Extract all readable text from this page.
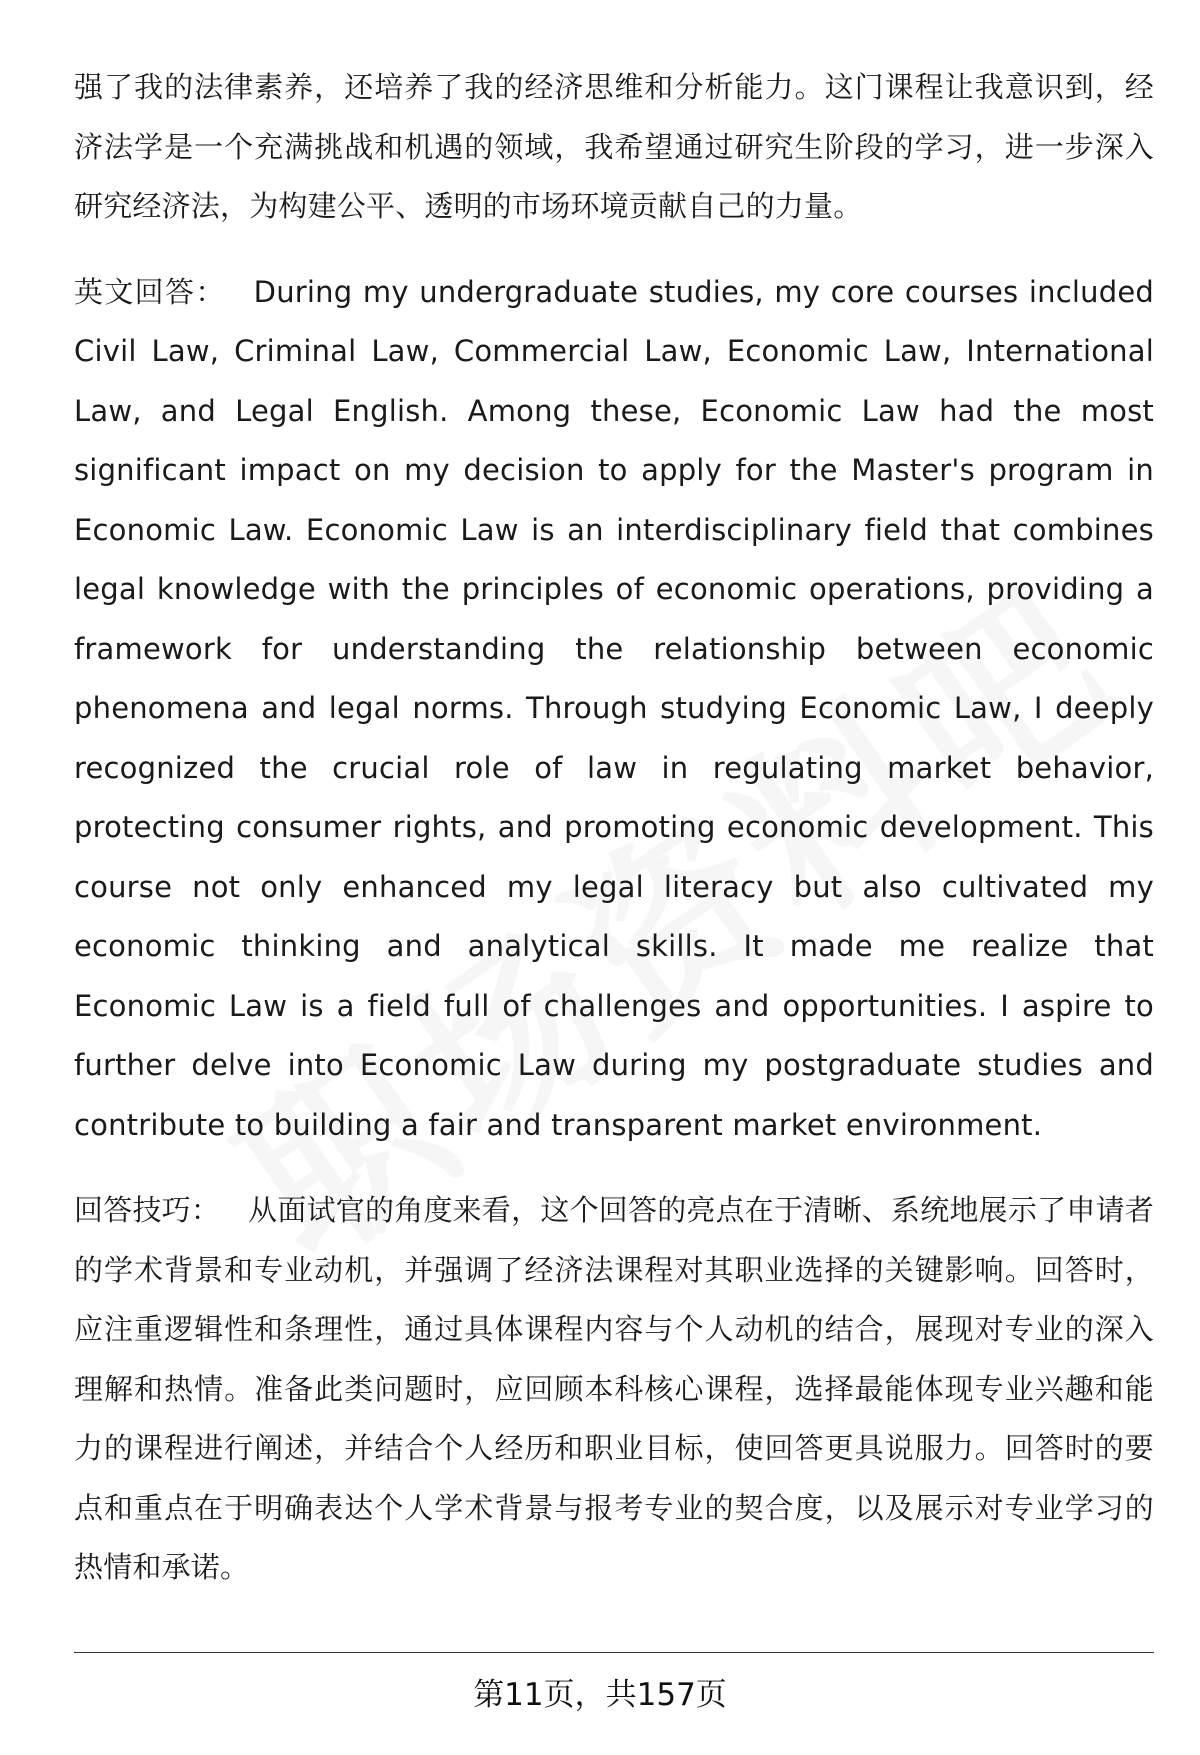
强了我的法律素养，还培养了我的经济思维和分析能力。这门课程让我意识到，经济法学是一个充满挑战和机遇的领域，我希望通过研究生阶段的学习，进一步深入研究经济法，为构建公平、透明的市场环境贡献自己的力量。

英文回答： During my undergraduate studies, my core courses included Civil Law, Criminal Law, Commercial Law, Economic Law, International Law, and Legal English. Among these, Economic Law had the most significant impact on my decision to apply for the Master's program in Economic Law. Economic Law is an interdisciplinary field that combines legal knowledge with the principles of economic operations, providing a framework for understanding the relationship between economic phenomena and legal norms. Through studying Economic Law, I deeply recognized the crucial role of law in regulating market behavior, protecting consumer rights, and promoting economic development. This course not only enhanced my legal literacy but also cultivated my economic thinking and analytical skills. It made me realize that Economic Law is a field full of challenges and opportunities. I aspire to further delve into Economic Law during my postgraduate studies and contribute to building a fair and transparent market environment.

回答技巧： 从面试官的角度来看，这个回答的亮点在于清晰、系统地展示了申请者的学术背景和专业动机，并强调了经济法课程对其职业选择的关键影响。回答时，应注重逻辑性和条理性，通过具体课程内容与个人动机的结合，展现对专业的深入理解和热情。准备此类问题时，应回顾本科核心课程，选择最能体现专业兴趣和能力的课程进行阐述，并结合个人经历和职业目标，使回答更具说服力。回答时的要点和重点在于明确表达个人学术背景与报考专业的契合度，以及展示对专业学习的热情和承诺。

第11页，共157页
